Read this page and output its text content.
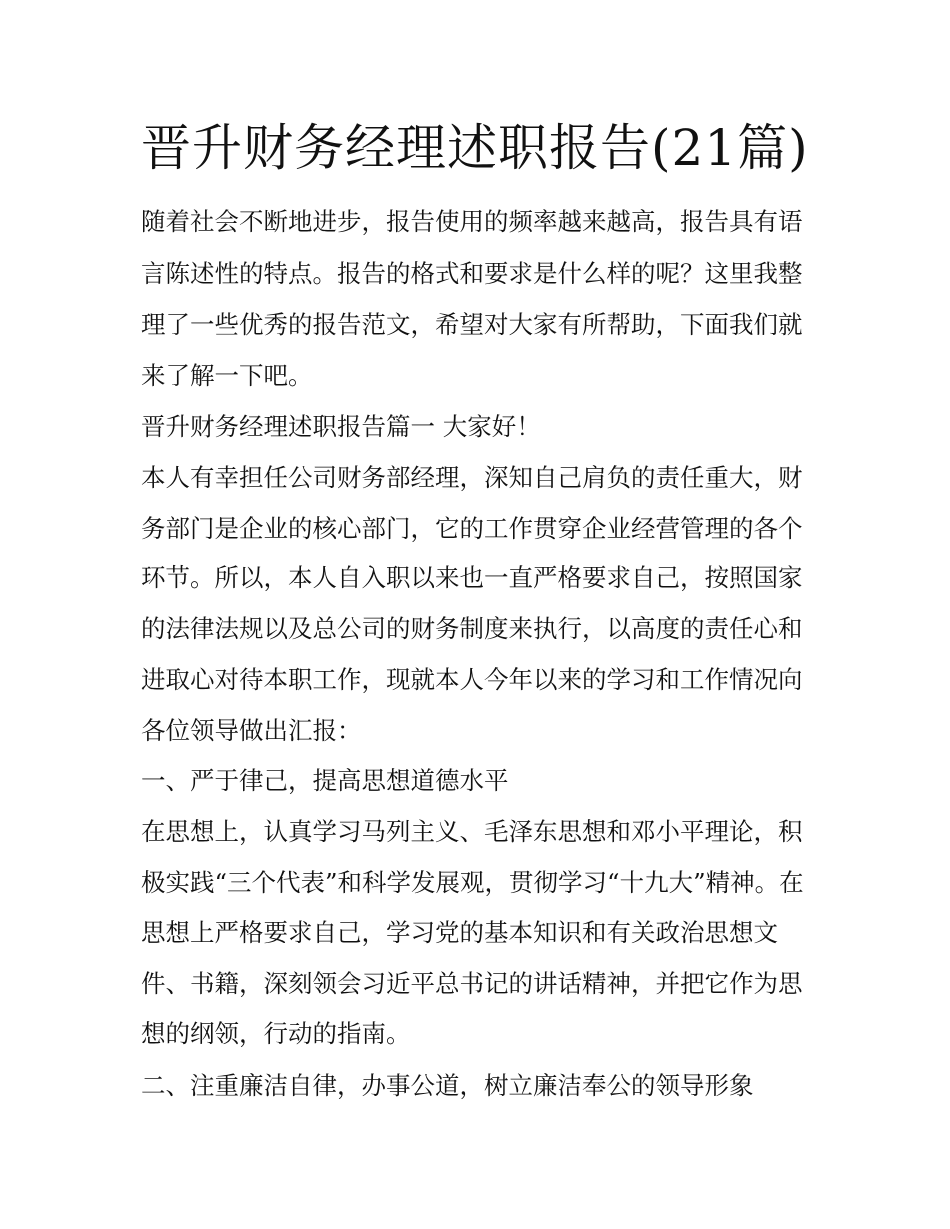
晋升财务经理述职报告(21篇)
随着社会不断地进步，报告使用的频率越来越高，报告具有语
言陈述性的特点。报告的格式和要求是什么样的呢？这里我整
理了一些优秀的报告范文，希望对大家有所帮助，下面我们就
来了解一下吧。
晋升财务经理述职报告篇一 大家好！
本人有幸担任公司财务部经理，深知自己肩负的责任重大，财
务部门是企业的核心部门，它的工作贯穿企业经营管理的各个
环节。所以，本人自入职以来也一直严格要求自己，按照国家
的法律法规以及总公司的财务制度来执行，以高度的责任心和
进取心对待本职工作，现就本人今年以来的学习和工作情况向
各位领导做出汇报：
一、严于律己，提高思想道德水平
在思想上，认真学习马列主义、毛泽东思想和邓小平理论，积
极实践“三个代表”和科学发展观，贯彻学习“十九大”精神。在
思想上严格要求自己，学习党的基本知识和有关政治思想文
件、书籍，深刻领会习近平总书记的讲话精神，并把它作为思
想的纲领，行动的指南。
二、注重廉洁自律，办事公道，树立廉洁奉公的领导形象
